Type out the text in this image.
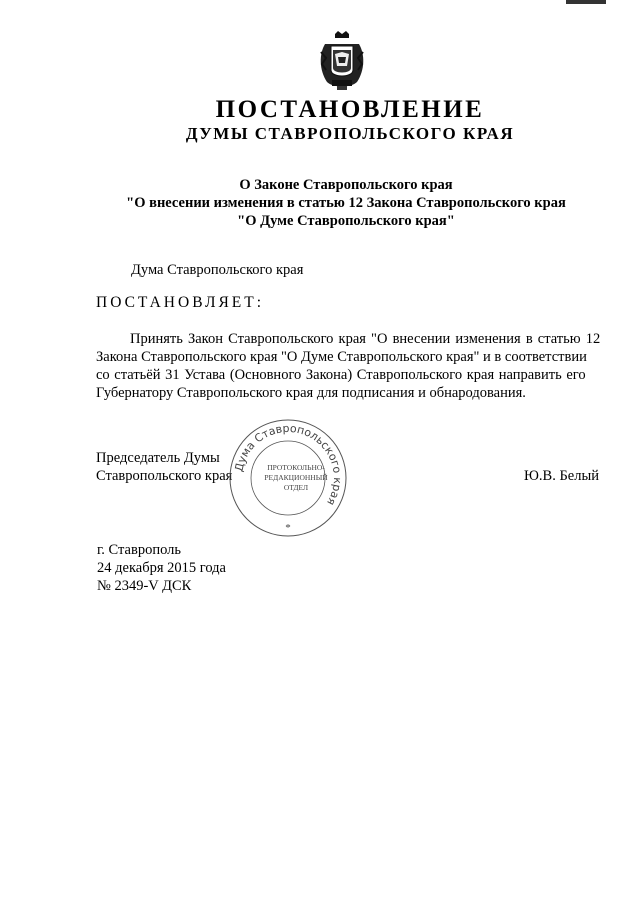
ПОСТАНОВЛЕНИЕ
ДУМЫ СТАВРОПОЛЬСКОГО КРАЯ
О Законе Ставропольского края
"О внесении изменения в статью 12 Закона Ставропольского края
"О Думе Ставропольского края"
Дума Ставропольского края
ПОСТАНОВЛЯЕТ:
Принять Закон Ставропольского края "О внесении изменения в статью 12
Закона Ставропольского края "О Думе Ставропольского края" и в соответствии
со статьёй 31 Устава (Основного Закона) Ставропольского края направить его
Губернатору Ставропольского края для подписания и обнародования.
Председатель Думы
Ставропольского края	Ю.В. Белый
Дума Ставропольского края
*
ПРОТОКОЛЬНО-РЕДАКЦИОННЫЙ ОТДЕЛ
г. Ставрополь
24 декабря 2015 года
№ 2349-V ДСК
